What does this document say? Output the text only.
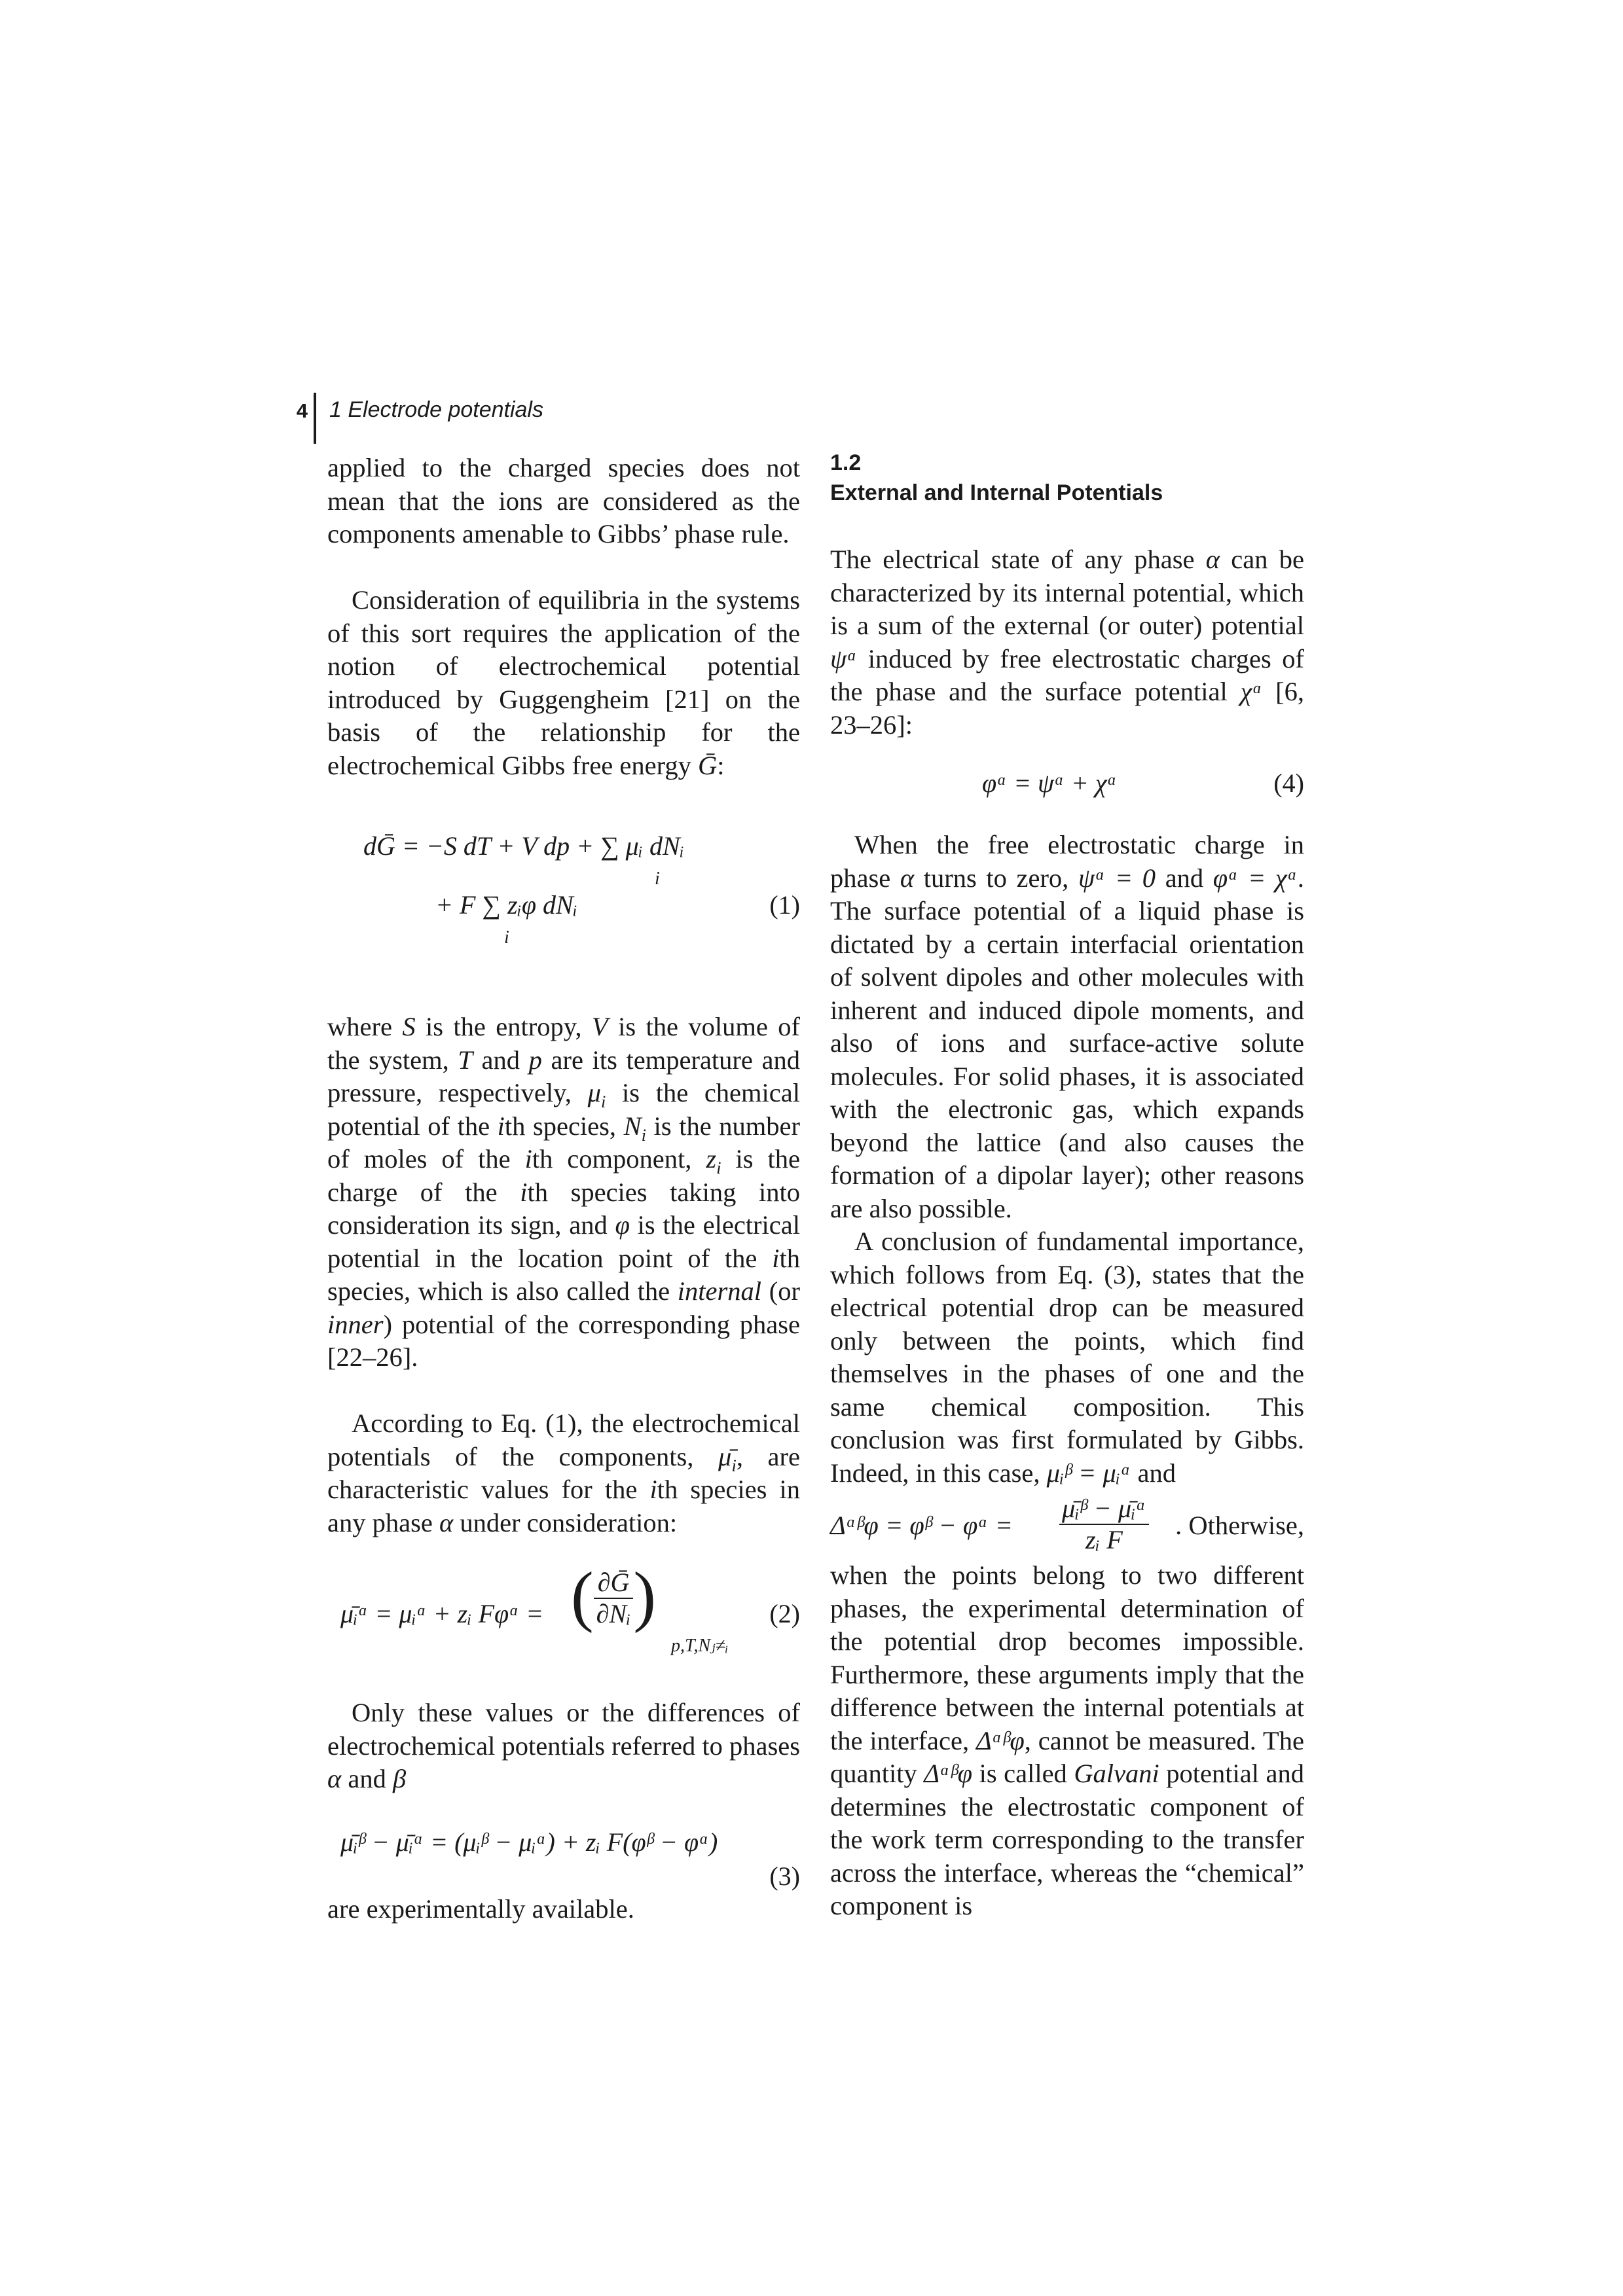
4 1 Electrode potentials

applied to the charged species does not mean that the ions are considered as the components amenable to Gibbs’ phase rule.

Consideration of equilibria in the systems of this sort requires the application of the notion of electrochemical potential introduced by Guggengheim [21] on the basis of the relationship for the electrochemical Gibbs free energy Ḡ:

dḠ = −S dT + V dp + ∑ μᵢ dNᵢ
i
+ F ∑ zᵢφ dNᵢ
i
(1)

where S is the entropy, V is the volume of the system, T and p are its temperature and pressure, respectively, $\mu_i$ is the chemical potential of the ith species, $N_i$ is the number of moles of the ith component, $z_i$ is the charge of the ith species taking into consideration its sign, and φ is the electrical potential in the location point of the ith species, which is also called the internal (or inner) potential of the corresponding phase [22–26].

According to Eq. (1), the electrochemical potentials of the components, $\mū_i$, are characteristic values for the ith species in any phase α under consideration:

μ̄ᵢᵅ = μᵢᵅ + zᵢ Fφᵅ = ( $\frac{\partial Ḡ}{\text{∂Nᵢ}}$ )
p,T,Nⱼ≠ᵢ
(2)

Only these values or the differences of electrochemical potentials referred to phases α and β

μ̄ᵢᵝ − μ̄ᵢᵅ = (μᵢᵝ − μᵢᵅ) + zᵢ F(φᵝ − φᵅ)
(3)

are experimentally available.

1.2
External and Internal Potentials

The electrical state of any phase α can be characterized by its internal potential, which is a sum of the external (or outer) potential ψᵅ induced by free electrostatic charges of the phase and the surface potential χᵅ [6, 23–26]:

φᵅ = ψᵅ + χᵅ	(4)

When the free electrostatic charge in phase α turns to zero, ψᵅ = 0 and φᵅ = χᵅ. The surface potential of a liquid phase is dictated by a certain interfacial orientation of solvent dipoles and other molecules with inherent and induced dipole moments, and also of ions and surface-active solute molecules. For solid phases, it is associated with the electronic gas, which expands beyond the lattice (and also causes the formation of a dipolar layer); other reasons are also possible.

A conclusion of fundamental importance, which follows from Eq. (3), states that the electrical potential drop can be measured only between the points, which find themselves in the phases of one and the same chemical composition. This conclusion was first formulated by Gibbs. Indeed, in this case, μᵢᵝ = μᵢᵅ and

Δᵅᵝφ = φᵝ − φᵅ = $\frac{\text{μ̄ᵢᵝ − μ̄ᵢᵅ}}{\text{zᵢ F}}$ . Otherwise,

when the points belong to two different phases, the experimental determination of the potential drop becomes impossible. Furthermore, these arguments imply that the difference between the internal potentials at the interface, Δᵅᵝφ, cannot be measured. The quantity Δᵅᵝφ is called Galvani potential and determines the electrostatic component of the work term corresponding to the transfer across the interface, whereas the “chemical” component is
